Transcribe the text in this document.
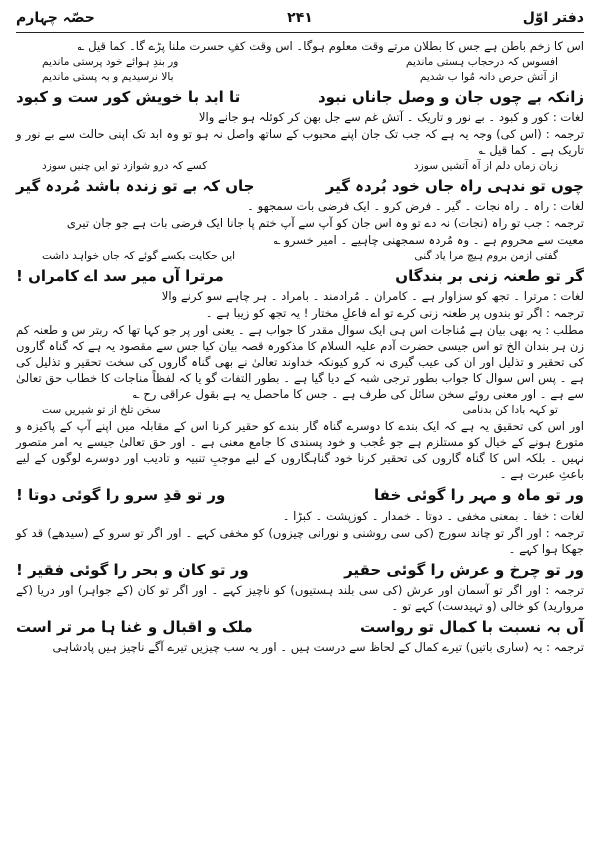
دفتر اوّل
۲۴۱
حصّہ چہارم

اس کا زخم باطن ہے جس کا بطلان مرتے وقت معلوم ہوگا۔ اس وقت کفِ حسرت ملنا پڑے گا۔ کما قیل ؎

افسوس کہ درحجاب ہستی ماندیم
ور بندِ ہوائے خود پرستی ماندیم
از آتش حرص دانہ مُوا ب شدیم
بالا نرسیدیم و بہ پستی ماندیم
زانکہ بے چوں جان و وصل جاناں نبود
تا ابد با خویش کور ست و کبود

لغات : کور و کبود ۔ بے نور و تاریک ۔ آتش غم سے جل بھن کر کوئلہ ہو جانے والا

ترجمہ : (اس کی) وجہ یہ ہے کہ جب تک جان اپنے محبوب کے ساتھ واصل نہ ہو تو وہ ابد تک اپنی حالت سے بے نور و تاریک ہے ۔ کما قیل ؎

زبان زماں دلم از آہ آتشیں سوزد
کسے کہ درو شوازد تو ایں چنیں سوزد
چوں تو ندہی راہ جاں خود بُردہ گیر
جاں کہ بے تو زندہ باشد مُردہ گیر

لغات : راہ ۔ راہ نجات ۔ گیر ۔ فرض کرو ۔ ایک فرضی بات سمجھو ۔

ترجمہ : جب تو راہ (نجات) نہ دے تو وہ اس جان کو آپ سے آپ ختم پا جانا ایک فرضی بات ہے جو جان تیری

معیت سے محروم ہے ۔ وہ مُردہ سمجھنی چاہیے ۔ امیر خسرو ؎

گفتی ازمن بروم ہیچ مرا یاد گنی
ایں حکایت بکسے گوئے کہ جاں خواہد داشت
گر تو طعنہ زنی بر بندگاں
مرترا آں میر سد اے کامراں !

لغات : مرترا ۔ تجھ کو سزاوار ہے ۔ کامران ۔ مُرادمند ۔ بامراد ۔ ہر چاہے سو کرنے والا

ترجمہ : اگر تو بندوں پر طعنہ زنی کرے تو اے فاعلِ مختار ! یہ تجھ کو زیبا ہے ۔

مطلب : یہ بھی بیان ہے مُناجات اس ہی ایک سوال مقدر کا جواب ہے ۔ یعنی اور پر جو کہا تھا کہ ربتر س و طعنہ کم زن ہر بندان الخ تو اس جیسی حضرت آدم علیہ السلام کا مذکورہ قصہ بیان کیا جس سے مقصود یہ ہے کہ گناہ گاروں کی تحقیر و تذلیل اور ان کی عیب گیری نہ کرو کیونکہ خداوند تعالیٰ نے بھی گناہ گاروں کی سخت تحقیر و تذلیل کی ہے ۔ پس اس سوال کا جواب بطور ترجی شبہ کے دیا گیا ہے ۔ بطور التفات گو یا کہ لفظاً مناجات کا خطاب حق تعالیٰ سے ہے ۔ اور معنی روئے سخن سائل کی طرف ہے ۔ جس کا ماحصل یہ ہے بقول عراقی رح ؎

تو کہہ بادا کن بدنامی
سخن تلخ از تو شیریں ست

اور اس کی تحقیق یہ ہے کہ ایک بندے کا دوسرے گناہ گار بندے کو حقیر کرنا اس کے مقابلہ میں اپنے آپ کے پاکیزہ و متورع ہونے کے خیال کو مستلزم ہے جو عُجب و خود پسندی کا جامع معنی ہے ۔ اور حق تعالیٰ جیسے یہ امر متصور نہیں ۔ بلکہ اس کا گناہ گاروں کی تحقیر کرنا خود گناہگاروں کے لیے موجبِ تنبیہ و تادیب اور دوسرے لوگوں کے لیے باعثِ عبرت ہے ۔

ور تو ماہ و مہر را گوئی خفا
ور تو قدِ سرو را گوئی دوتا !

لغات : خفا ۔ بمعنی مخفی ۔ دوتا ۔ خمدار ۔ کوزپشت ۔ کبڑا ۔

ترجمہ : اور اگر تو چاند سورج (کی سی روشنی و نورانی چیزوں) کو مخفی کہے ۔ اور اگر تو سرو کے (سیدھے) قد کو جھکا ہوا کہے ۔

ور تو چرخ و عرش را گوئی حقیر
ور تو کان و بحر را گوئی فقیر !

ترجمہ : اور اگر تو آسمان اور عرش (کی سی بلند ہستیوں) کو ناچیز کہے ۔ اور اگر تو کان (کے جواہر) اور دریا (کے مروارید) کو خالی (و تہیدست) کہے تو ۔

آں بہ نسبت با کمال تو رواست
ملک و اقبال و غنا ہا مر تر است

ترجمہ : یہ (ساری باتیں) تیرے کمال کے لحاظ سے درست ہیں ۔ اور یہ سب چیزیں تیرے آگے ناچیز ہیں پادشاہی
